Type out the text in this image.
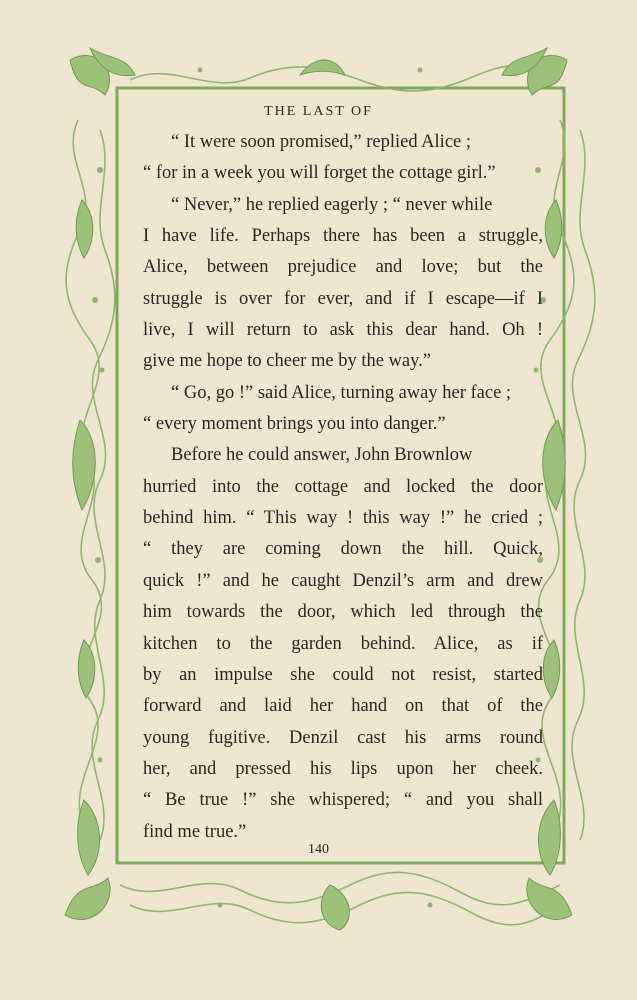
THE LAST OF
“ It were soon promised,” replied Alice ;
“ for in a week you will forget the cottage girl.”
“ Never,” he replied eagerly ; “ never while
I have life. Perhaps there has been a struggle,
Alice, between prejudice and love; but the
struggle is over for ever, and if I escape—if I
live, I will return to ask this dear hand. Oh !
give me hope to cheer me by the way.”
“ Go, go !” said Alice, turning away her face ;
“ every moment brings you into danger.”
Before he could answer, John Brownlow
hurried into the cottage and locked the door
behind him. “ This way ! this way !” he cried ;
“ they are coming down the hill. Quick,
quick !” and he caught Denzil’s arm and drew
him towards the door, which led through the
kitchen to the garden behind. Alice, as if
by an impulse she could not resist, started
forward and laid her hand on that of the
young fugitive. Denzil cast his arms round
her, and pressed his lips upon her cheek.
“ Be true !” she whispered; “ and you shall
find me true.”
140
